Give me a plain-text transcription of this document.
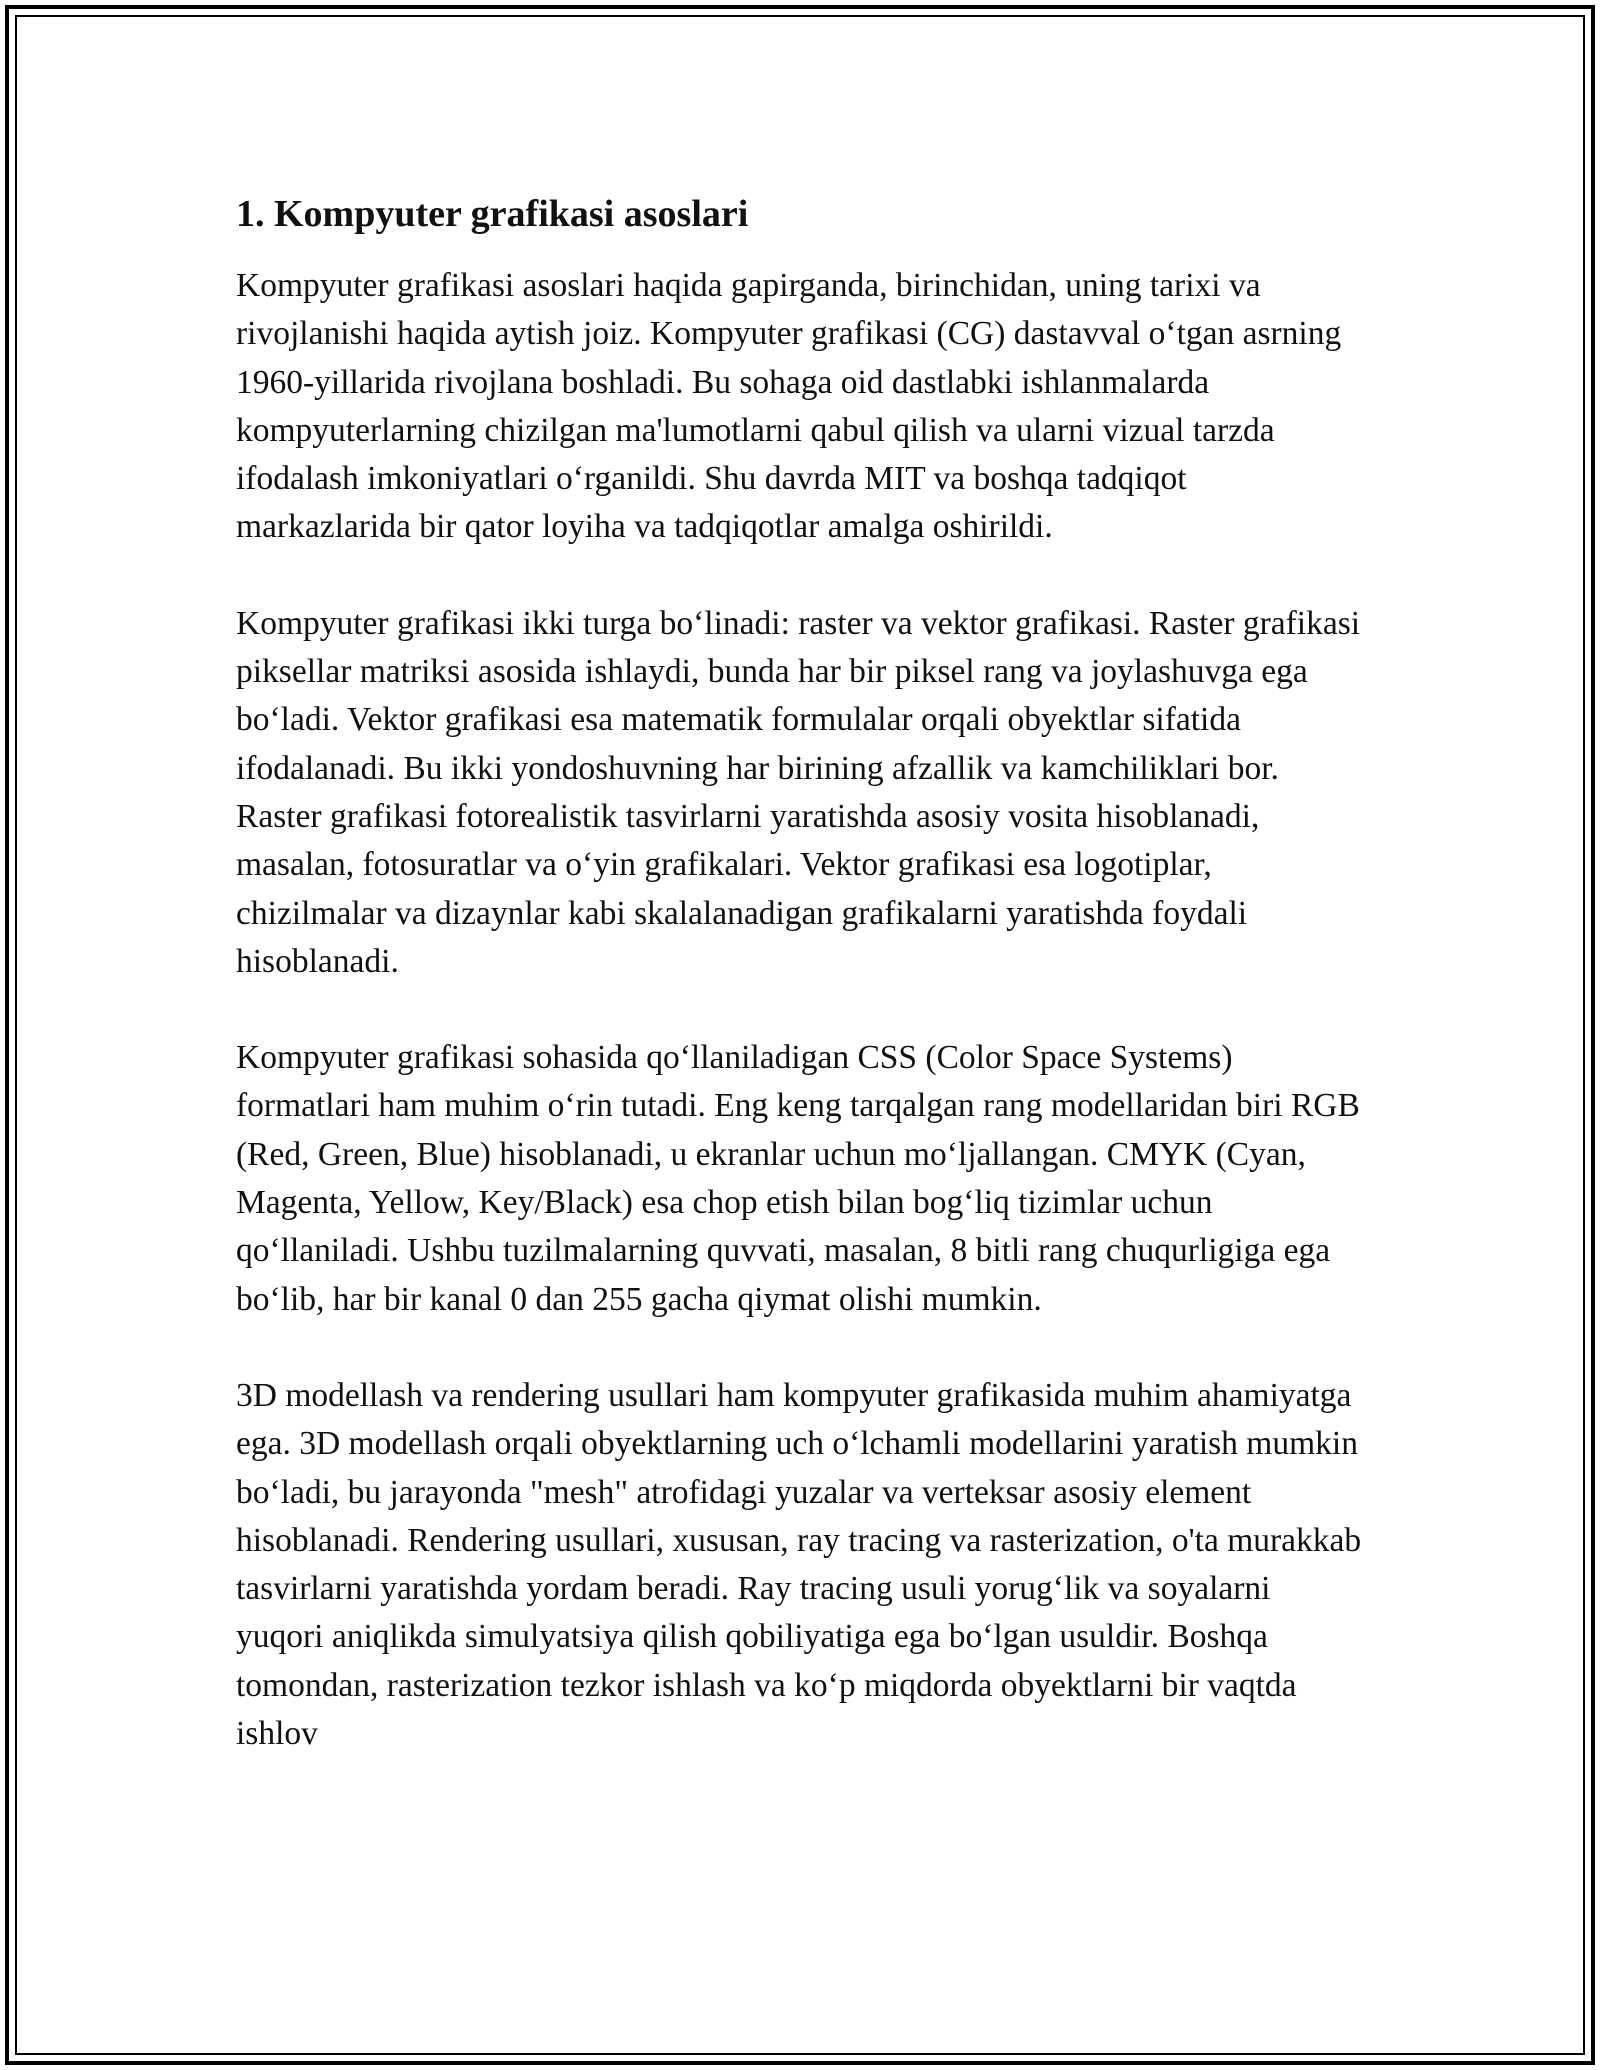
1. Kompyuter grafikasi asoslari

Kompyuter grafikasi asoslari haqida gapirganda, birinchidan, uning tarixi va rivojlanishi haqida aytish joiz. Kompyuter grafikasi (CG) dastavval o‘tgan asrning 1960-yillarida rivojlana boshladi. Bu sohaga oid dastlabki ishlanmalarda kompyuterlarning chizilgan ma'lumotlarni qabul qilish va ularni vizual tarzda ifodalash imkoniyatlari o‘rganildi. Shu davrda MIT va boshqa tadqiqot markazlarida bir qator loyiha va tadqiqotlar amalga oshirildi.

Kompyuter grafikasi ikki turga bo‘linadi: raster va vektor grafikasi. Raster grafikasi piksellar matriksi asosida ishlaydi, bunda har bir piksel rang va joylashuvga ega bo‘ladi. Vektor grafikasi esa matematik formulalar orqali obyektlar sifatida ifodalanadi. Bu ikki yondoshuvning har birining afzallik va kamchiliklari bor. Raster grafikasi fotorealistik tasvirlarni yaratishda asosiy vosita hisoblanadi, masalan, fotosuratlar va o‘yin grafikalari. Vektor grafikasi esa logotiplar, chizilmalar va dizaynlar kabi skalalanadigan grafikalarni yaratishda foydali hisoblanadi.

Kompyuter grafikasi sohasida qo‘llaniladigan CSS (Color Space Systems) formatlari ham muhim o‘rin tutadi. Eng keng tarqalgan rang modellaridan biri RGB (Red, Green, Blue) hisoblanadi, u ekranlar uchun mo‘ljallangan. CMYK (Cyan, Magenta, Yellow, Key/Black) esa chop etish bilan bog‘liq tizimlar uchun qo‘llaniladi. Ushbu tuzilmalarning quvvati, masalan, 8 bitli rang chuqurligiga ega bo‘lib, har bir kanal 0 dan 255 gacha qiymat olishi mumkin.

3D modellash va rendering usullari ham kompyuter grafikasida muhim ahamiyatga ega. 3D modellash orqali obyektlarning uch o‘lchamli modellarini yaratish mumkin bo‘ladi, bu jarayonda "mesh" atrofidagi yuzalar va verteksar asosiy element hisoblanadi. Rendering usullari, xususan, ray tracing va rasterization, o'ta murakkab tasvirlarni yaratishda yordam beradi. Ray tracing usuli yorug‘lik va soyalarni yuqori aniqlikda simulyatsiya qilish qobiliyatiga ega bo‘lgan usuldir. Boshqa tomondan, rasterization tezkor ishlash va ko‘p miqdorda obyektlarni bir vaqtda ishlov
